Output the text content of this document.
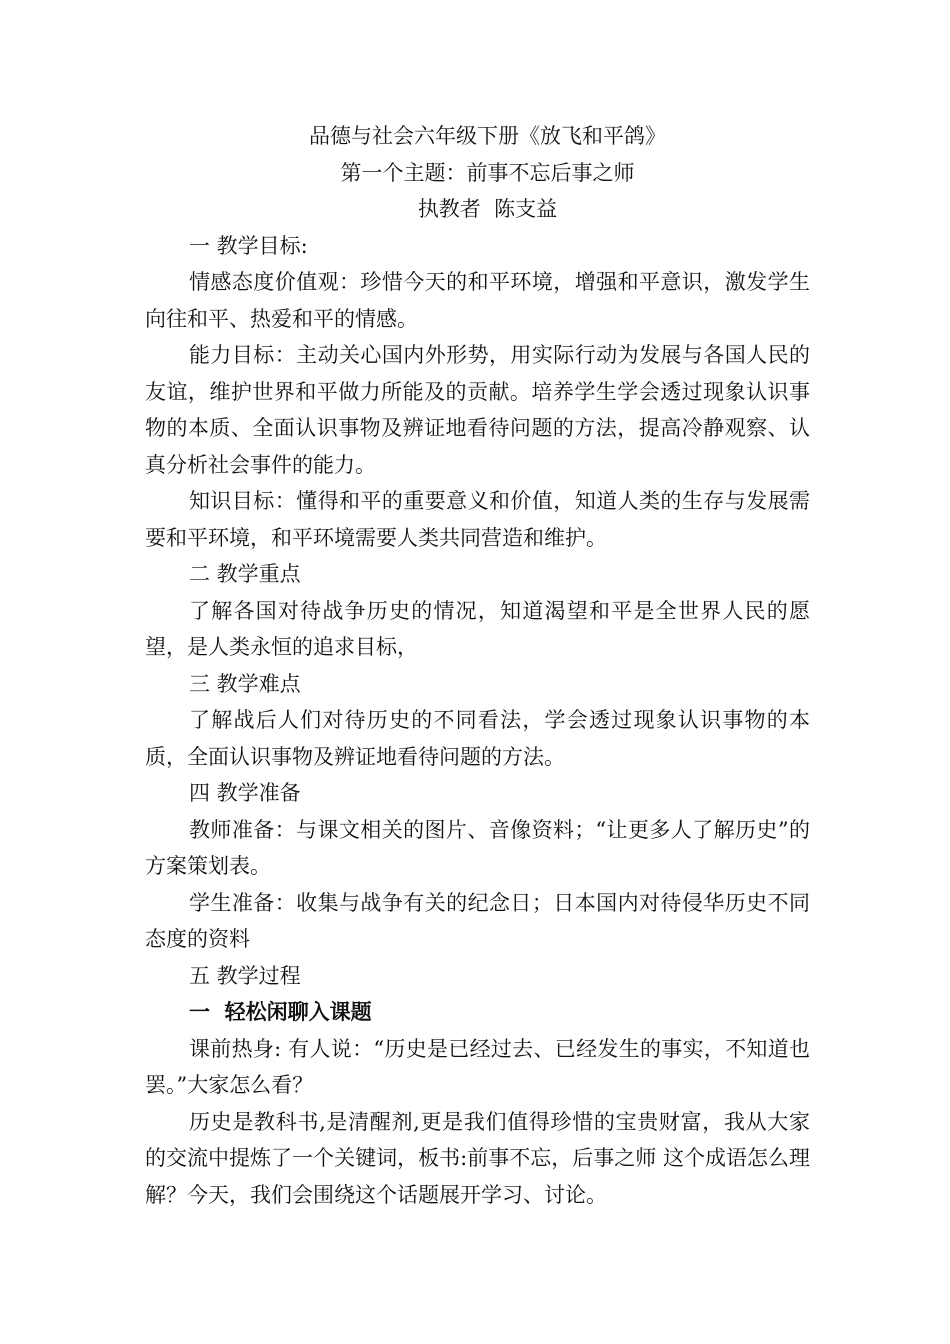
品德与社会六年级下册《放飞和平鸽》

第一个主题：前事不忘后事之师

执教者  陈支益

一 教学目标:

情感态度价值观：珍惜今天的和平环境，增强和平意识，激发学生向往和平、热爱和平的情感。

能力目标：主动关心国内外形势，用实际行动为发展与各国人民的友谊，维护世界和平做力所能及的贡献。培养学生学会透过现象认识事物的本质、全面认识事物及辨证地看待问题的方法，提高冷静观察、认真分析社会事件的能力。

知识目标：懂得和平的重要意义和价值，知道人类的生存与发展需要和平环境，和平环境需要人类共同营造和维护。

二 教学重点

了解各国对待战争历史的情况，知道渴望和平是全世界人民的愿望，是人类永恒的追求目标，

三 教学难点

了解战后人们对待历史的不同看法，学会透过现象认识事物的本质，全面认识事物及辨证地看待问题的方法。

四 教学准备

教师准备：与课文相关的图片、音像资料；“让更多人了解历史”的方案策划表。

学生准备：收集与战争有关的纪念日；日本国内对待侵华历史不同态度的资料

五 教学过程

一  轻松闲聊入课题

课前热身: 有人说：“历史是已经过去、已经发生的事实，不知道也罢。”大家怎么看？

历史是教科书,是清醒剂,更是我们值得珍惜的宝贵财富，我从大家的交流中提炼了一个关键词，板书:前事不忘，后事之师 这个成语怎么理解？今天，我们会围绕这个话题展开学习、讨论。
